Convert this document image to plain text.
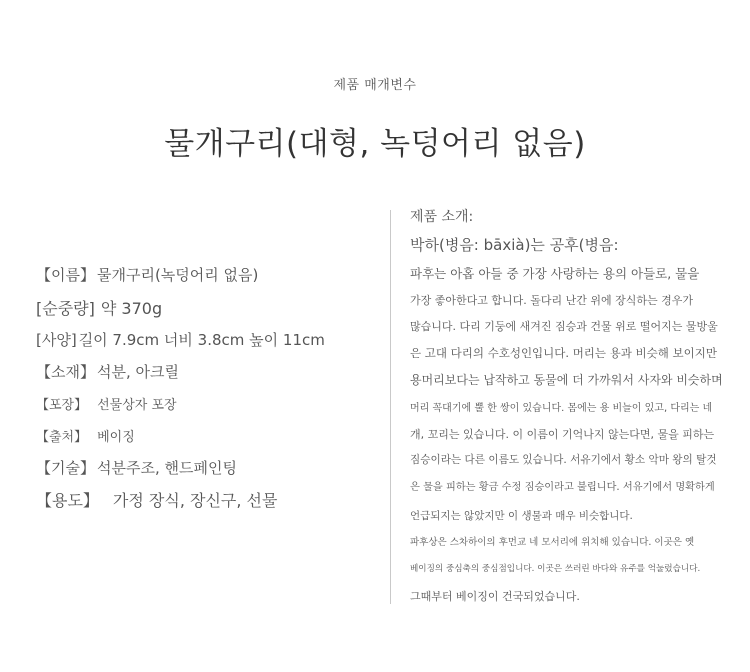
제품 매개변수
물개구리(대형, 녹덩어리 없음)
【이름】 물개구리(녹덩어리 없음)
[순중량] 약 370g
[사양] 길이 7.9cm 너비 3.8cm 높이 11cm
【소재】 석분, 아크릴
【포장】 선물상자 포장
【출처】 베이징
【기술】 석분주조, 핸드페인팅
【용도】 가정 장식, 장신구, 선물
제품 소개:
박하(병음: bāxià)는 공후(병음:
파후는 아홉 아들 중 가장 사랑하는 용의 아들로, 물을
가장 좋아한다고 합니다. 돌다리 난간 위에 장식하는 경우가
많습니다. 다리 기둥에 새겨진 짐승과 건물 위로 떨어지는 물방울
은 고대 다리의 수호성인입니다. 머리는 용과 비슷해 보이지만
용머리보다는 납작하고 동물에 더 가까워서 사자와 비슷하며
머리 꼭대기에 뿔 한 쌍이 있습니다. 몸에는 용 비늘이 있고, 다리는 네
개, 꼬리는 있습니다. 이 이름이 기억나지 않는다면, 물을 피하는
짐승이라는 다른 이름도 있습니다. 서유기에서 황소 악마 왕의 탈것
은 물을 피하는 황금 수정 짐승이라고 불립니다. 서유기에서 명확하게
언급되지는 않았지만 이 생물과 매우 비슷합니다.
파후상은 스차하이의 후먼교 네 모서리에 위치해 있습니다. 이곳은 옛
베이징의 중심축의 중심점입니다. 이곳은 쓰러린 바다와 유주를 억눌렀습니다.
그때부터 베이징이 건국되었습니다.
